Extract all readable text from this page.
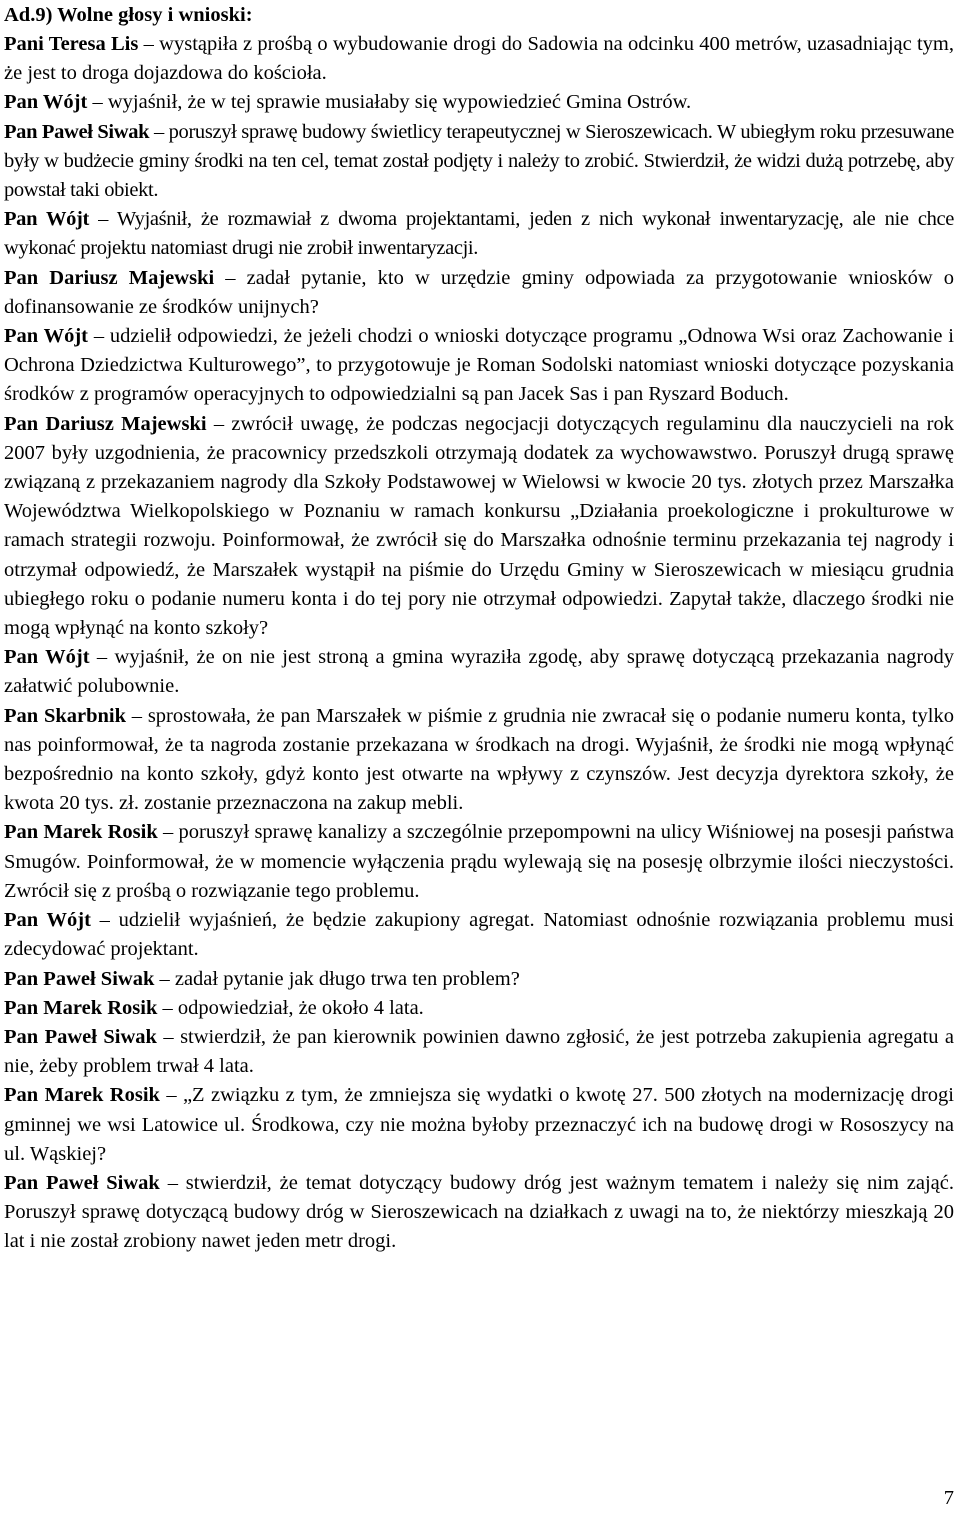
Ad.9) Wolne głosy i wnioski:

Pani Teresa Lis – wystąpiła z prośbą o wybudowanie drogi do Sadowia na odcinku 400 metrów, uzasadniając tym, że jest to droga dojazdowa do kościoła.

Pan Wójt – wyjaśnił, że w tej sprawie musiałaby się wypowiedzieć Gmina Ostrów.

Pan Paweł Siwak – poruszył sprawę budowy świetlicy terapeutycznej w Sieroszewicach. W ubiegłym roku przesuwane były w budżecie gminy środki na ten cel, temat został podjęty i należy to zrobić. Stwierdził, że widzi dużą potrzebę, aby powstał taki obiekt.

Pan Wójt – Wyjaśnił, że rozmawiał z dwoma projektantami, jeden z nich wykonał inwentaryzację, ale nie chce wykonać projektu natomiast drugi nie zrobił inwentaryzacji.

Pan Dariusz Majewski – zadał pytanie, kto w urzędzie gminy odpowiada za przygotowanie wniosków o dofinansowanie ze środków unijnych?

Pan Wójt – udzielił odpowiedzi, że jeżeli chodzi o wnioski dotyczące programu „Odnowa Wsi oraz Zachowanie i Ochrona Dziedzictwa Kulturowego”, to przygotowuje je Roman Sodolski natomiast wnioski dotyczące pozyskania środków z programów operacyjnych to odpowiedzialni są pan Jacek Sas i pan Ryszard Boduch.

Pan Dariusz Majewski – zwrócił uwagę, że podczas negocjacji dotyczących regulaminu dla nauczycieli na rok 2007 były uzgodnienia, że pracownicy przedszkoli otrzymają dodatek za wychowawstwo. Poruszył drugą sprawę związaną z przekazaniem nagrody dla Szkoły Podstawowej w Wielowsi w kwocie 20 tys. złotych przez Marszałka Województwa Wielkopolskiego w Poznaniu w ramach konkursu „Działania proekologiczne i prokulturowe w ramach strategii rozwoju. Poinformował, że zwrócił się do Marszałka odnośnie terminu przekazania tej nagrody i otrzymał odpowiedź, że Marszałek wystąpił na piśmie do Urzędu Gminy w Sieroszewicach w miesiącu grudnia ubiegłego roku o podanie numeru konta i do tej pory nie otrzymał odpowiedzi. Zapytał także, dlaczego środki nie mogą wpłynąć na konto szkoły?

Pan Wójt – wyjaśnił, że on nie jest stroną a gmina wyraziła zgodę, aby sprawę dotyczącą przekazania nagrody załatwić polubownie.

Pan Skarbnik – sprostowała, że pan Marszałek w piśmie z grudnia nie zwracał się o podanie numeru konta, tylko nas poinformował, że ta nagroda zostanie przekazana w środkach na drogi. Wyjaśnił, że środki nie mogą wpłynąć bezpośrednio na konto szkoły, gdyż konto jest otwarte na wpływy z czynszów. Jest decyzja dyrektora szkoły, że kwota 20 tys. zł. zostanie przeznaczona na zakup mebli.

Pan Marek Rosik – poruszył sprawę kanalizy a szczególnie przepompowni na ulicy Wiśniowej na posesji państwa Smugów. Poinformował, że w momencie wyłączenia prądu wylewają się na posesję olbrzymie ilości nieczystości. Zwrócił się z prośbą o rozwiązanie tego problemu.

Pan Wójt – udzielił wyjaśnień, że będzie zakupiony agregat. Natomiast odnośnie rozwiązania problemu musi zdecydować projektant.

Pan Paweł Siwak – zadał pytanie jak długo trwa ten problem?

Pan Marek Rosik – odpowiedział, że około 4 lata.

Pan Paweł Siwak – stwierdził, że pan kierownik powinien dawno zgłosić, że jest potrzeba zakupienia agregatu a nie, żeby problem trwał 4 lata.

Pan Marek Rosik – „Z związku z tym, że zmniejsza się wydatki o kwotę 27. 500 złotych na modernizację drogi gminnej we wsi Latowice ul. Środkowa, czy nie można byłoby przeznaczyć ich na budowę drogi w Rososzycy na ul. Wąskiej?

Pan Paweł Siwak – stwierdził, że temat dotyczący budowy dróg jest ważnym tematem i należy się nim zająć. Poruszył sprawę dotyczącą budowy dróg w Sieroszewicach na działkach z uwagi na to, że niektórzy mieszkają 20 lat i nie został zrobiony nawet jeden metr drogi.

7
